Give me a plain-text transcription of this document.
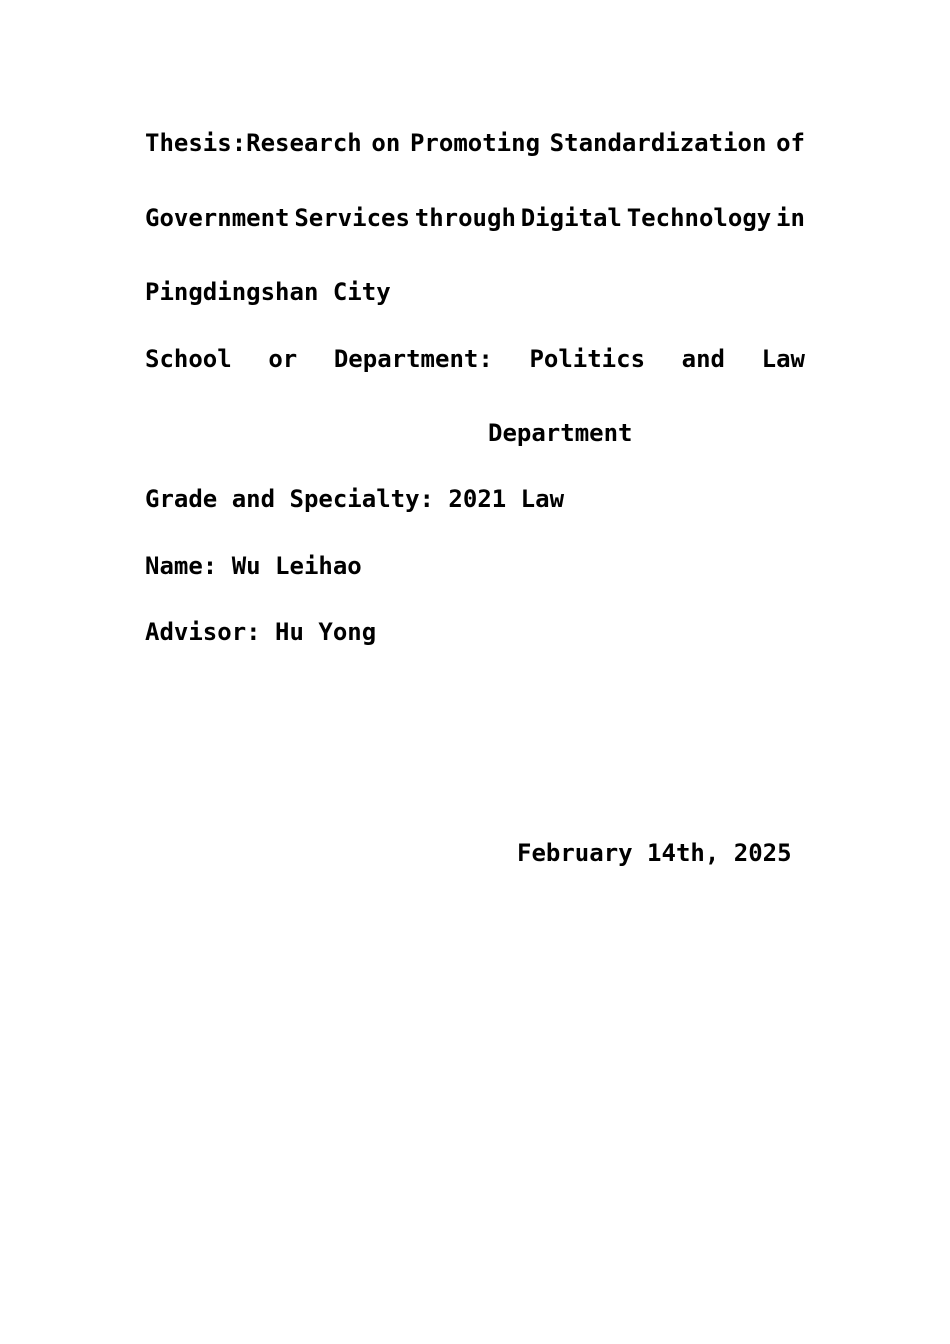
Thesis:Research on Promoting Standardization of
Government Services through Digital Technology in
Pingdingshan City
School or Department: Politics and Law
Department
Grade and Specialty: 2021 Law
Name: Wu Leihao
Advisor: Hu Yong
February 14th, 2025
